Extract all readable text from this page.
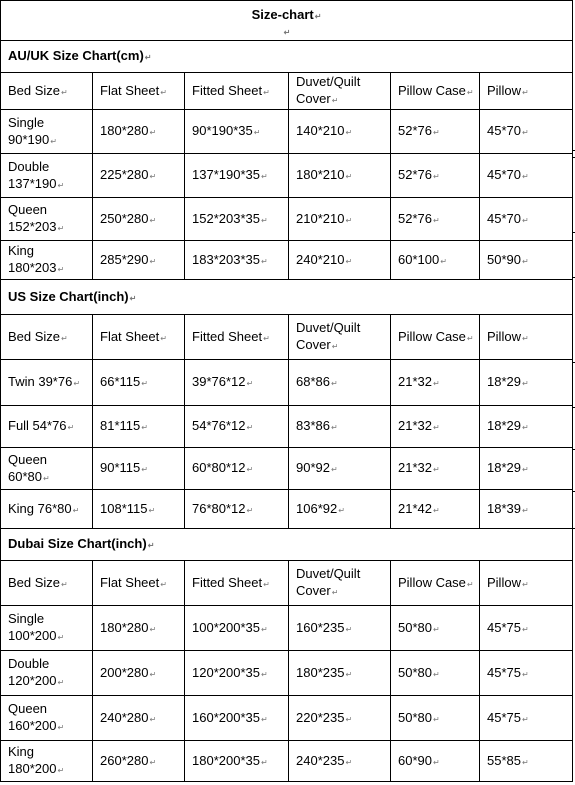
Size-chart↵
↵					

AU/UK Size Chart(cm)↵					
Bed Size↵	Flat Sheet↵	Fitted Sheet↵	Duvet/Quilt Cover↵	Pillow Case↵	Pillow↵
Single 90*190↵	180*280↵	90*190*35↵	140*210↵	52*76↵	45*70↵
Double 137*190↵	225*280↵	137*190*35↵	180*210↵	52*76↵	45*70↵
Queen 152*203↵	250*280↵	152*203*35↵	210*210↵	52*76↵	45*70↵
King 180*203↵	285*290↵	183*203*35↵	240*210↵	60*100↵	50*90↵
US Size Chart(inch)↵					
Bed Size↵	Flat Sheet↵	Fitted Sheet↵	Duvet/Quilt Cover↵	Pillow Case↵	Pillow↵
Twin 39*76↵	66*115↵	39*76*12↵	68*86↵	21*32↵	18*29↵
Full 54*76↵	81*115↵	54*76*12↵	83*86↵	21*32↵	18*29↵
Queen 60*80↵	90*115↵	60*80*12↵	90*92↵	21*32↵	18*29↵
King 76*80↵	108*115↵	76*80*12↵	106*92↵	21*42↵	18*39↵
Dubai Size Chart(inch)↵					
Bed Size↵	Flat Sheet↵	Fitted Sheet↵	Duvet/Quilt Cover↵	Pillow Case↵	Pillow↵
Single 100*200↵	180*280↵	100*200*35↵	160*235↵	50*80↵	45*75↵
Double 120*200↵	200*280↵	120*200*35↵	180*235↵	50*80↵	45*75↵
Queen 160*200↵	240*280↵	160*200*35↵	220*235↵	50*80↵	45*75↵
King 180*200↵	260*280↵	180*200*35↵	240*235↵	60*90↵	55*85↵
